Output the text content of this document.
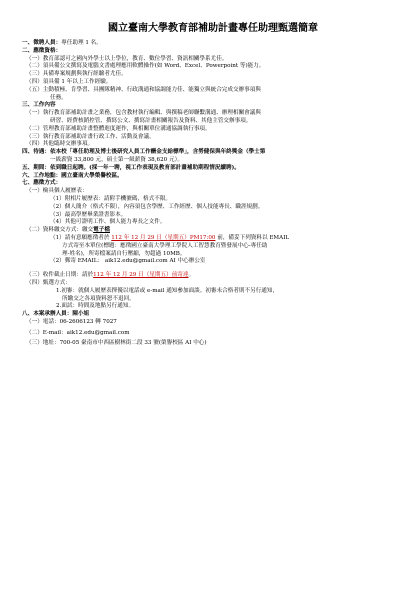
國立臺南大學教育部補助計畫專任助理甄選簡章
一、徵聘人員：專任助理 1 名。
二、應徵資格：
（一）教育部認可之國內外學士以上學位，教育、數位學習、資訊相關學系尤佳。
（二）須具備公文撰寫及電腦文書處理應用軟體操作(如 Word、Excel、Powerpoint 等)能力。
（三）具備專案規劃與執行經驗者尤佳。
（四）須具備 1 年以上工作經驗。
（五）主動積極、肯學習、具團隊精神、行政溝通和協調能力佳、能獨立與統合完成交辦事項與
任務。
三、工作內容
（一）執行教育部補助計畫之業務，包含教材執行編輯、與撰稿老師聯繫溝通、辦理相關會議與
研習、經費核銷控管、撰寫公文、撰寫計畫相關報告及資料、其他主管交辦事項。
（二）管理教育部補助計畫整體進度運作，與相關單位溝通協調執行事項。
（三）執行教育部補助計畫行政工作、活動及會議。
（四）其他臨時交辦事項。
四、待遇：依本校「專任助理及博士後研究人員工作酬金支給標準」，含勞健保與年終獎金（學士第
一級薪資 33,800 元，碩士第一級薪資 38,620 元）。
五、期間：依到職日起聘。(採一年一聘，視工作表現及教育部計畫補助期程情況續聘)。
六、工作地點：國立臺南大學榮譽校區。
七、應徵方式：
（一）檢具個人履歷表：
（1）附相片履歷表：請附手機號碼，格式不限。
（2）個人簡介（格式不限），內容須包含學歷、工作經歷、個人技能專長、職涯規劃。
（3）最高學歷畢業證書影本。
（4）其他可證明工作、個人能力專長之文件。
（二）資料繳交方式：繳交電子檔
（1）請有意願應徵者於 112 年 12 月 29 日（星期五）PM17:00 前，備妥下列資料以 EMAIL
方式寄至本單位(標題：應徵國立臺南大學理工學院人工智慧教育暨發展中心-專任助
理-姓名)，所寄檔案請自行壓縮，勿超過 10MB。
（2）郵寄 EMAIL： aik12.edu@gmail.com AI 中心辦公室
（三）收件截止日期：請於112 年 12 月 29 日（星期五）前寄達。
（四）甄選方式：
1.初審：就個人履歷表擇優以電話或 e-mail 通知參加面談。初審未合格者則不另行通知，
所繳交之各項資料恕不退回。
2.面試：時間及地點另行通知。
八、本案承辦人員：陳小姐
（一）電話：06-2606123 轉 7027
（二）E-mail：aik12.edu@gmail.com
（三）地址：700-05 臺南市中西區樹林街二段 33 號(榮譽校區 AI 中心)
